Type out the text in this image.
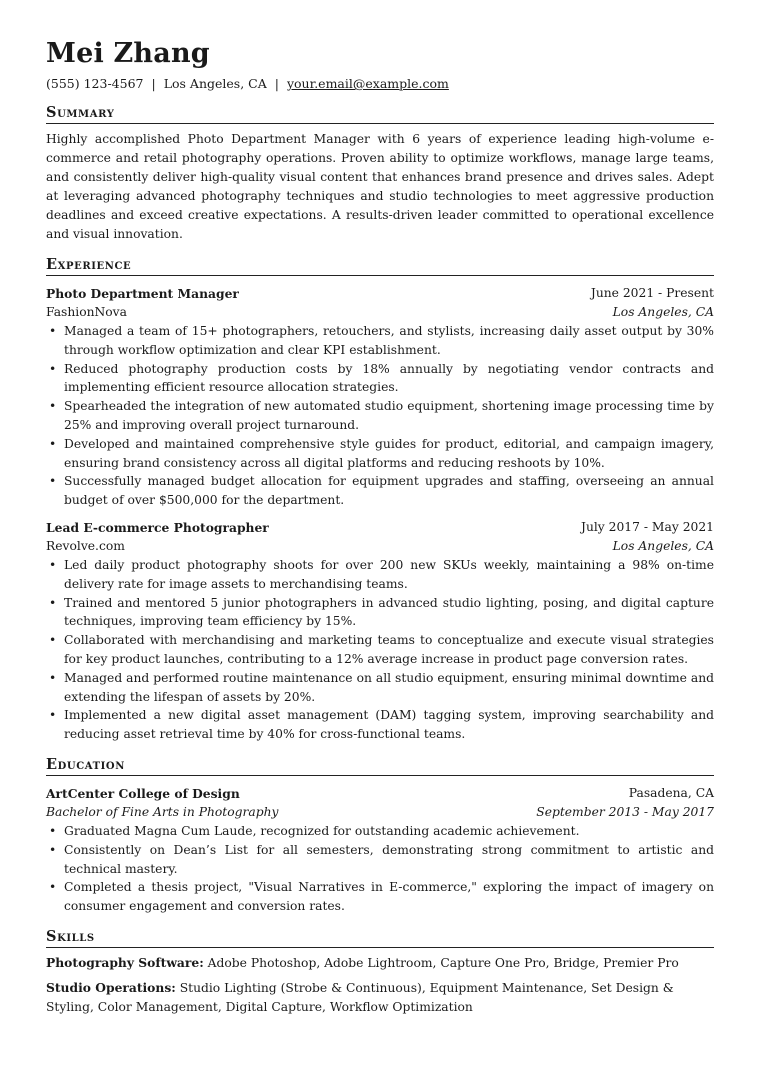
Mei Zhang
(555) 123-4567 | Los Angeles, CA | your.email@example.com
Summary
Highly accomplished Photo Department Manager with 6 years of experience leading high-volume e-commerce and retail photography operations. Proven ability to optimize workflows, manage large teams, and consistently deliver high-quality visual content that enhances brand presence and drives sales. Adept at leveraging advanced photography techniques and studio technologies to meet aggressive production deadlines and exceed creative expectations. A results-driven leader committed to operational excellence and visual innovation.
Experience
Photo Department Manager	June 2021 - Present
FashionNova	Los Angeles, CA
• Managed a team of 15+ photographers, retouchers, and stylists, increasing daily asset output by 30% through workflow optimization and clear KPI establishment.
• Reduced photography production costs by 18% annually by negotiating vendor contracts and implementing efficient resource allocation strategies.
• Spearheaded the integration of new automated studio equipment, shortening image processing time by 25% and improving overall project turnaround.
• Developed and maintained comprehensive style guides for product, editorial, and campaign imagery, ensuring brand consistency across all digital platforms and reducing reshoots by 10%.
• Successfully managed budget allocation for equipment upgrades and staffing, overseeing an annual budget of over $500,000 for the department.
Lead E-commerce Photographer	July 2017 - May 2021
Revolve.com	Los Angeles, CA
• Led daily product photography shoots for over 200 new SKUs weekly, maintaining a 98% on-time delivery rate for image assets to merchandising teams.
• Trained and mentored 5 junior photographers in advanced studio lighting, posing, and digital capture techniques, improving team efficiency by 15%.
• Collaborated with merchandising and marketing teams to conceptualize and execute visual strategies for key product launches, contributing to a 12% average increase in product page conversion rates.
• Managed and performed routine maintenance on all studio equipment, ensuring minimal downtime and extending the lifespan of assets by 20%.
• Implemented a new digital asset management (DAM) tagging system, improving searchability and reducing asset retrieval time by 40% for cross-functional teams.
Education
ArtCenter College of Design	Pasadena, CA
Bachelor of Fine Arts in Photography	September 2013 - May 2017
• Graduated Magna Cum Laude, recognized for outstanding academic achievement.
• Consistently on Dean’s List for all semesters, demonstrating strong commitment to artistic and technical mastery.
• Completed a thesis project, "Visual Narratives in E-commerce," exploring the impact of imagery on consumer engagement and conversion rates.
Skills
Photography Software: Adobe Photoshop, Adobe Lightroom, Capture One Pro, Bridge, Premier Pro
Studio Operations: Studio Lighting (Strobe & Continuous), Equipment Maintenance, Set Design & Styling, Color Management, Digital Capture, Workflow Optimization
